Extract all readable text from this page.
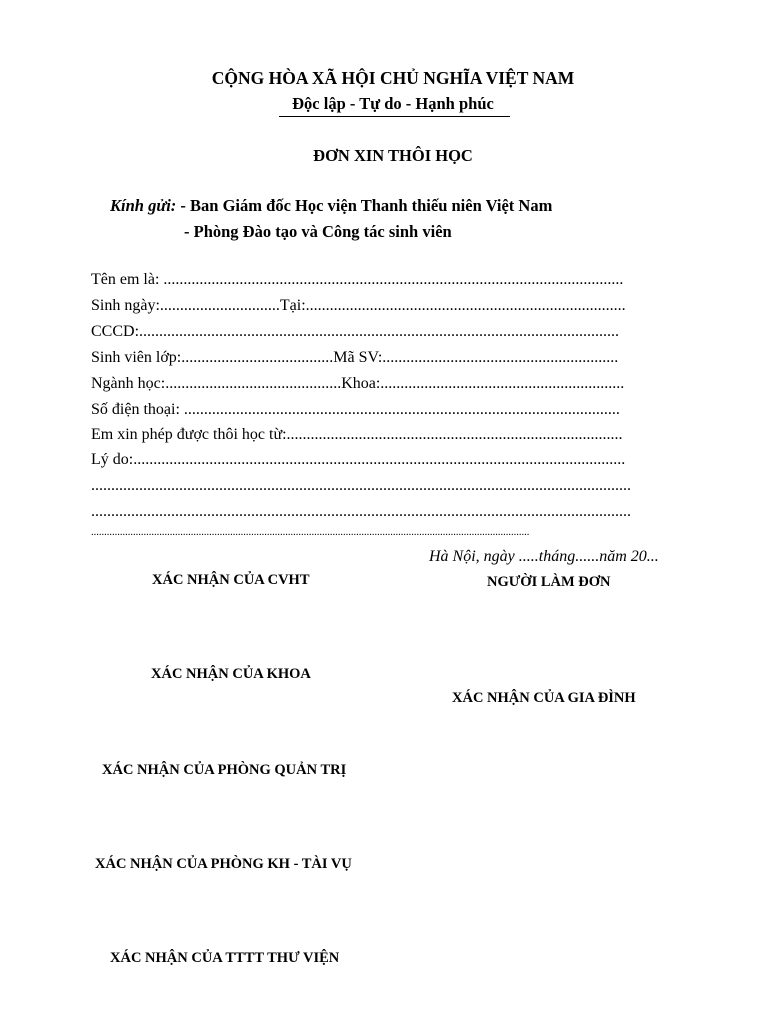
CỘNG HÒA XÃ HỘI CHỦ NGHĨA VIỆT NAM
Độc lập - Tự do - Hạnh phúc
ĐƠN XIN THÔI HỌC
Kính gửi: - Ban Giám đốc Học viện Thanh thiếu niên Việt Nam
- Phòng Đào tạo và Công tác sinh viên
Tên em là: ...................................................................................................................
Sinh ngày:..............................Tại:................................................................................
CCCD:........................................................................................................................
Sinh viên lớp:......................................Mã SV:...........................................................
Ngành học:............................................Khoa:.............................................................
Số điện thoại: .............................................................................................................
Em xin phép được thôi học từ:....................................................................................
Lý do:...........................................................................................................................
.......................................................................................................................................
.......................................................................................................................................
.......................................................................................................................................................................
Hà Nội, ngày .....tháng......năm 20...
XÁC NHẬN CỦA CVHT	NGƯỜI LÀM ĐƠN
XÁC NHẬN CỦA KHOA
XÁC NHẬN CỦA GIA ĐÌNH
XÁC NHẬN CỦA PHÒNG QUẢN TRỊ
XÁC NHẬN CỦA PHÒNG KH - TÀI VỤ
XÁC NHẬN CỦA TTTT THƯ VIỆN
